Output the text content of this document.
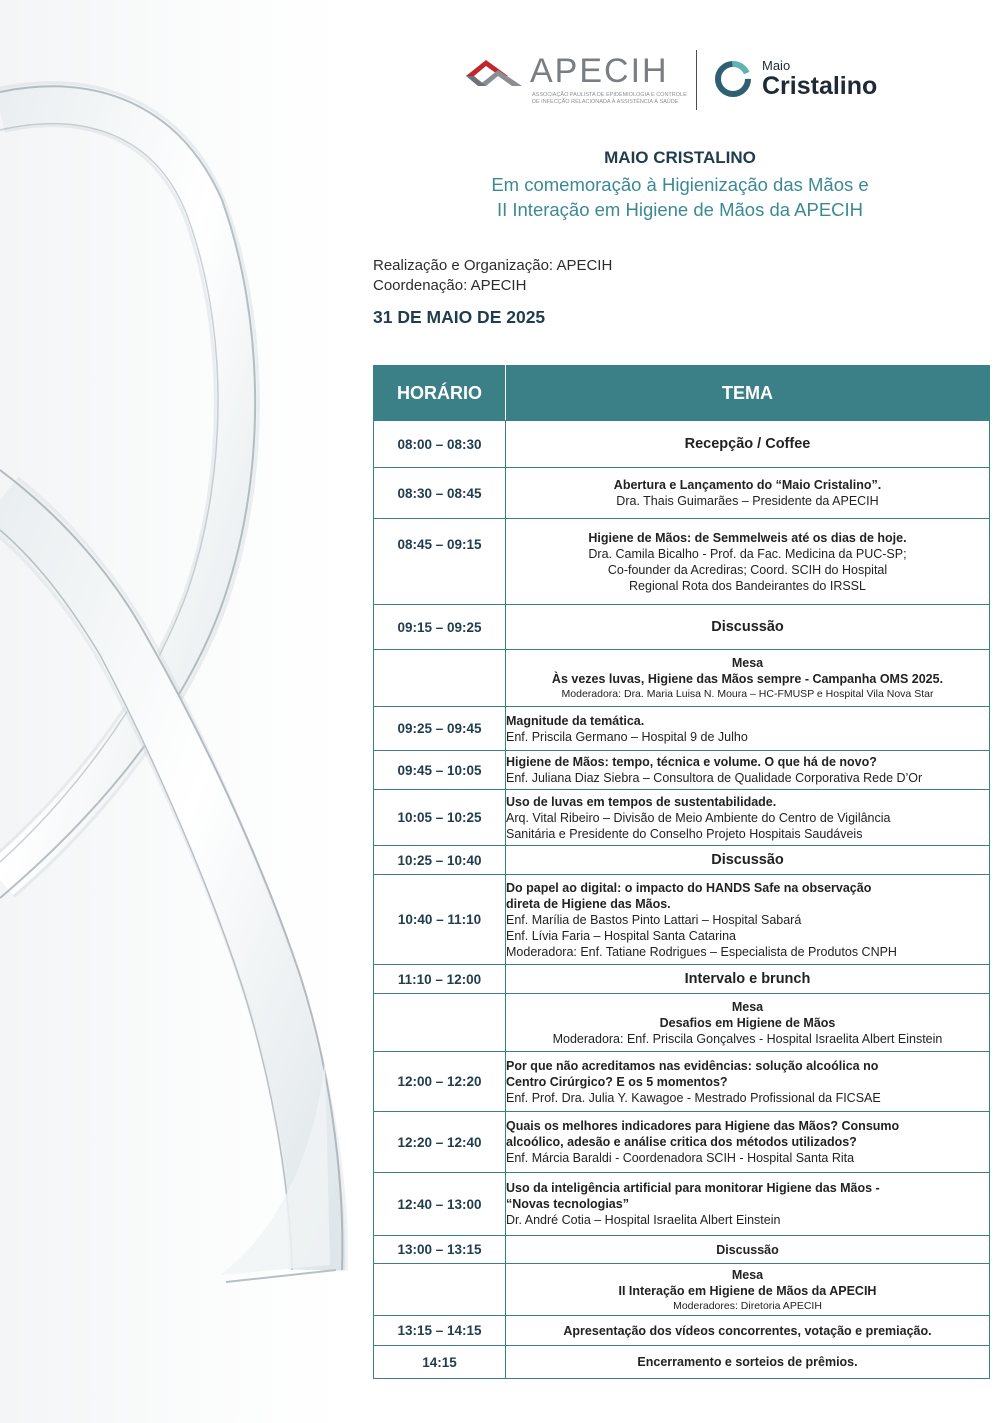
APECIH
ASSOCIAÇÃO PAULISTA DE EPIDEMIOLOGIA E CONTROLE DE INFECÇÃO RELACIONADA À ASSISTÊNCIA À SAÚDE
Maio
Cristalino
MAIO CRISTALINO
Em comemoração à Higienização das Mãos e
II Interação em Higiene de Mãos da APECIH
Realização e Organização: APECIH
Coordenação: APECIH
31 DE MAIO DE 2025
HORÁRIO	TEMA
08:00 – 08:30	Recepção / Coffee

08:30 – 08:45	Abertura e Lançamento do “Maio Cristalino”.
Dra. Thais Guimarães – Presidente da APECIH

08:45 – 09:15	Higiene de Mãos: de Semmelweis até os dias de hoje.
Dra. Camila Bicalho - Prof. da Fac. Medicina da PUC-SP;
Co-founder da Acrediras; Coord. SCIH do Hospital
Regional Rota dos Bandeirantes do IRSSL

09:15 – 09:25	Discussão

	Mesa
Às vezes luvas, Higiene das Mãos sempre - Campanha OMS 2025.
Moderadora: Dra. Maria Luisa N. Moura – HC-FMUSP e Hospital Vila Nova Star

09:25 – 09:45	Magnitude da temática.
Enf. Priscila Germano – Hospital 9 de Julho

09:45 – 10:05	Higiene de Mãos: tempo, técnica e volume. O que há de novo?
Enf. Juliana Diaz Siebra – Consultora de Qualidade Corporativa Rede D’Or

10:05 – 10:25	Uso de luvas em tempos de sustentabilidade.
Arq. Vital Ribeiro – Divisão de Meio Ambiente do Centro de Vigilância
Sanitária e Presidente do Conselho Projeto Hospitais Saudáveis

10:25 – 10:40	Discussão

10:40 – 11:10	Do papel ao digital: o impacto do HANDS Safe na observação
direta de Higiene das Mãos.
Enf. Marília de Bastos Pinto Lattari – Hospital Sabará
Enf. Lívia Faria – Hospital Santa Catarina
Moderadora: Enf. Tatiane Rodrigues – Especialista de Produtos CNPH

11:10 – 12:00	Intervalo e brunch

	Mesa
Desafios em Higiene de Mãos
Moderadora: Enf. Priscila Gonçalves - Hospital Israelita Albert Einstein

12:00 – 12:20	Por que não acreditamos nas evidências: solução alcoólica no
Centro Cirúrgico? E os 5 momentos?
Enf. Prof. Dra. Julia Y. Kawagoe - Mestrado Profissional da FICSAE

12:20 – 12:40	Quais os melhores indicadores para Higiene das Mãos? Consumo
alcoólico, adesão e análise critica dos métodos utilizados?
Enf. Márcia Baraldi - Coordenadora SCIH - Hospital Santa Rita

12:40 – 13:00	Uso da inteligência artificial para monitorar Higiene das Mãos -
“Novas tecnologias”
Dr. André Cotia – Hospital Israelita Albert Einstein

13:00 – 13:15	Discussão

	Mesa
II Interação em Higiene de Mãos da APECIH
Moderadores: Diretoria APECIH

13:15 – 14:15	Apresentação dos vídeos concorrentes, votação e premiação.

14:15	Encerramento e sorteios de prêmios.
